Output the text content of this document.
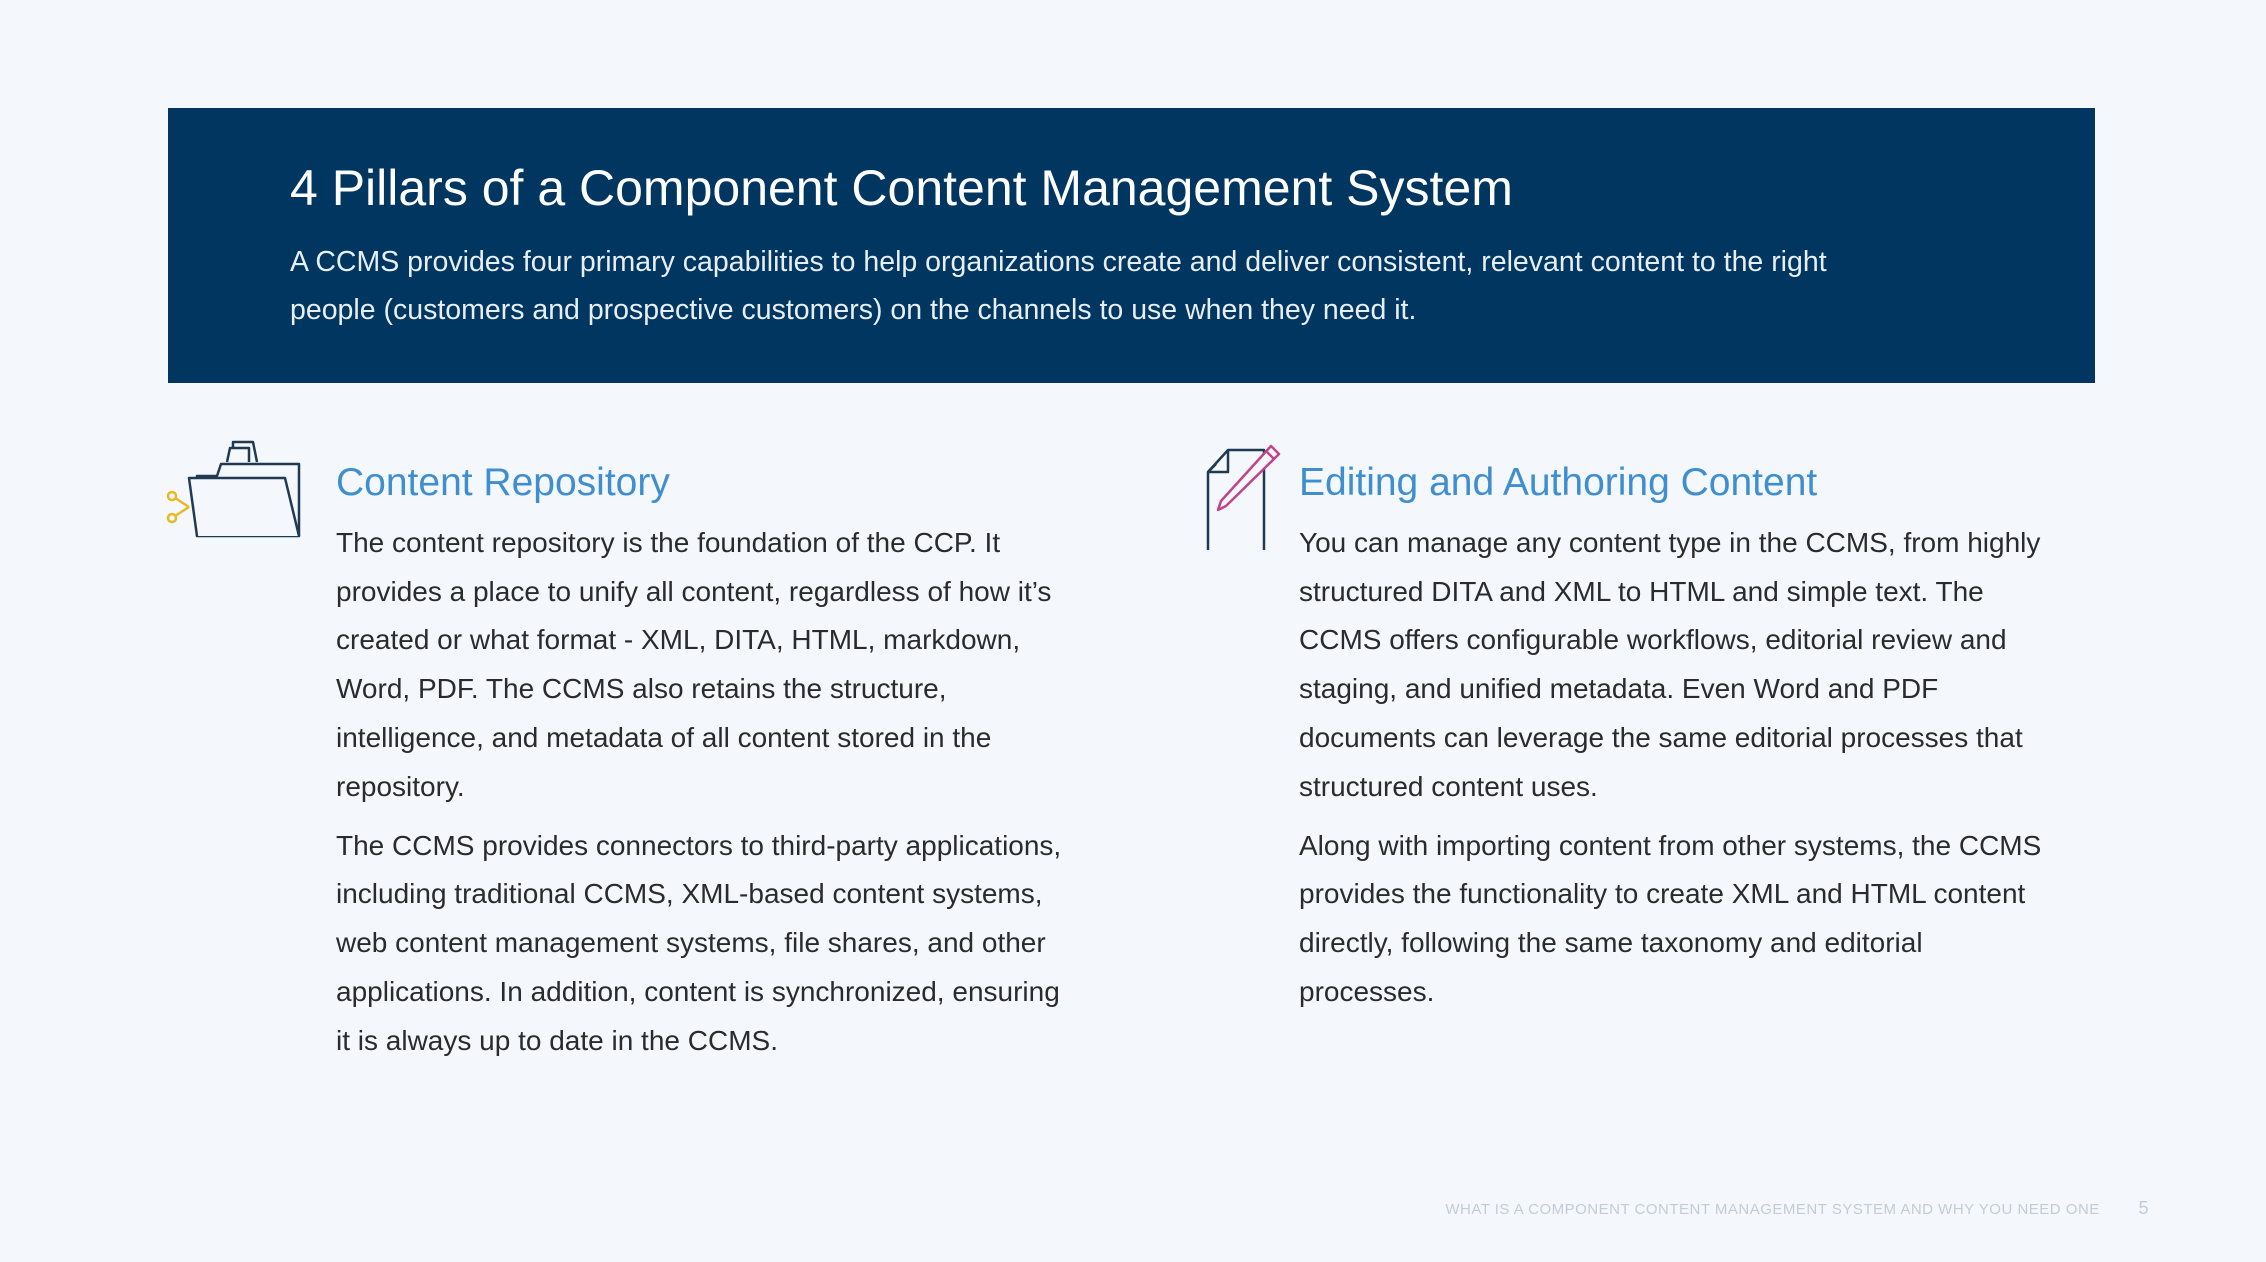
4 Pillars of a Component Content Management System

A CCMS provides four primary capabilities to help organizations create and deliver consistent, relevant content to the right people (customers and prospective customers) on the channels to use when they need it.

Content Repository

The content repository is the foundation of the CCP. It provides a place to unify all content, regardless of how it’s created or what format - XML, DITA, HTML, markdown, Word, PDF. The CCMS also retains the structure, intelligence, and metadata of all content stored in the repository.

The CCMS provides connectors to third-party applications, including traditional CCMS, XML-based content systems, web content management systems, file shares, and other applications. In addition, content is synchronized, ensuring it is always up to date in the CCMS.

Editing and Authoring Content

You can manage any content type in the CCMS, from highly structured DITA and XML to HTML and simple text. The CCMS offers configurable workflows, editorial review and staging, and unified metadata. Even Word and PDF documents can leverage the same editorial processes that structured content uses.

Along with importing content from other systems, the CCMS provides the functionality to create XML and HTML content directly, following the same taxonomy and editorial processes.

WHAT IS A COMPONENT CONTENT MANAGEMENT SYSTEM AND WHY YOU NEED ONE 5
